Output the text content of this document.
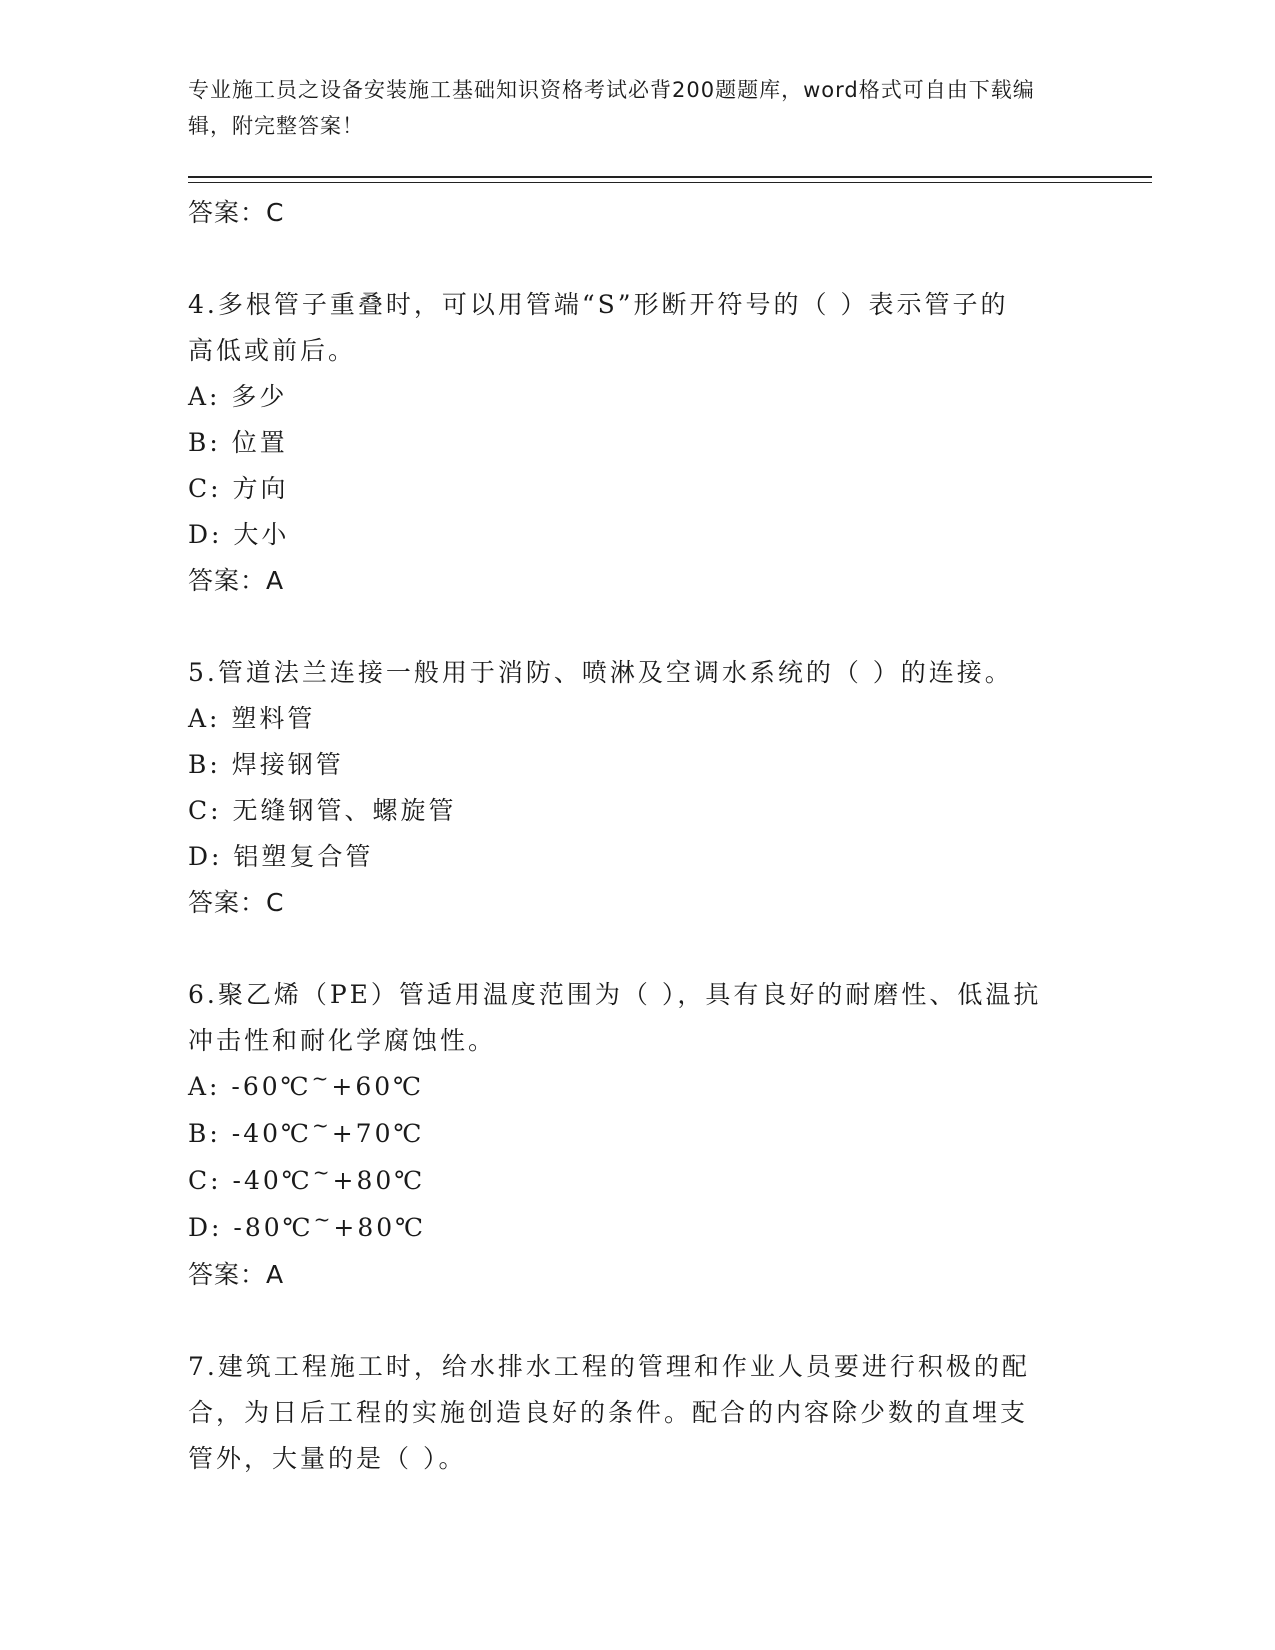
专业施工员之设备安装施工基础知识资格考试必背200题题库，word格式可自由下载编辑，附完整答案！
答案：C
4.多根管子重叠时，可以用管端“S”形断开符号的（ ）表示管子的
高低或前后。
A: 多少
B: 位置
C: 方向
D: 大小
答案：A
5.管道法兰连接一般用于消防、喷淋及空调水系统的（ ）的连接。
A: 塑料管
B: 焊接钢管
C: 无缝钢管、螺旋管
D: 铝塑复合管
答案：C
6.聚乙烯（PE）管适用温度范围为（ ），具有良好的耐磨性、低温抗
冲击性和耐化学腐蚀性。
A: -60℃~+60℃
B: -40℃~+70℃
C: -40℃~+80℃
D: -80℃~+80℃
答案：A
7.建筑工程施工时，给水排水工程的管理和作业人员要进行积极的配
合，为日后工程的实施创造良好的条件。配合的内容除少数的直埋支
管外，大量的是（ ）。
